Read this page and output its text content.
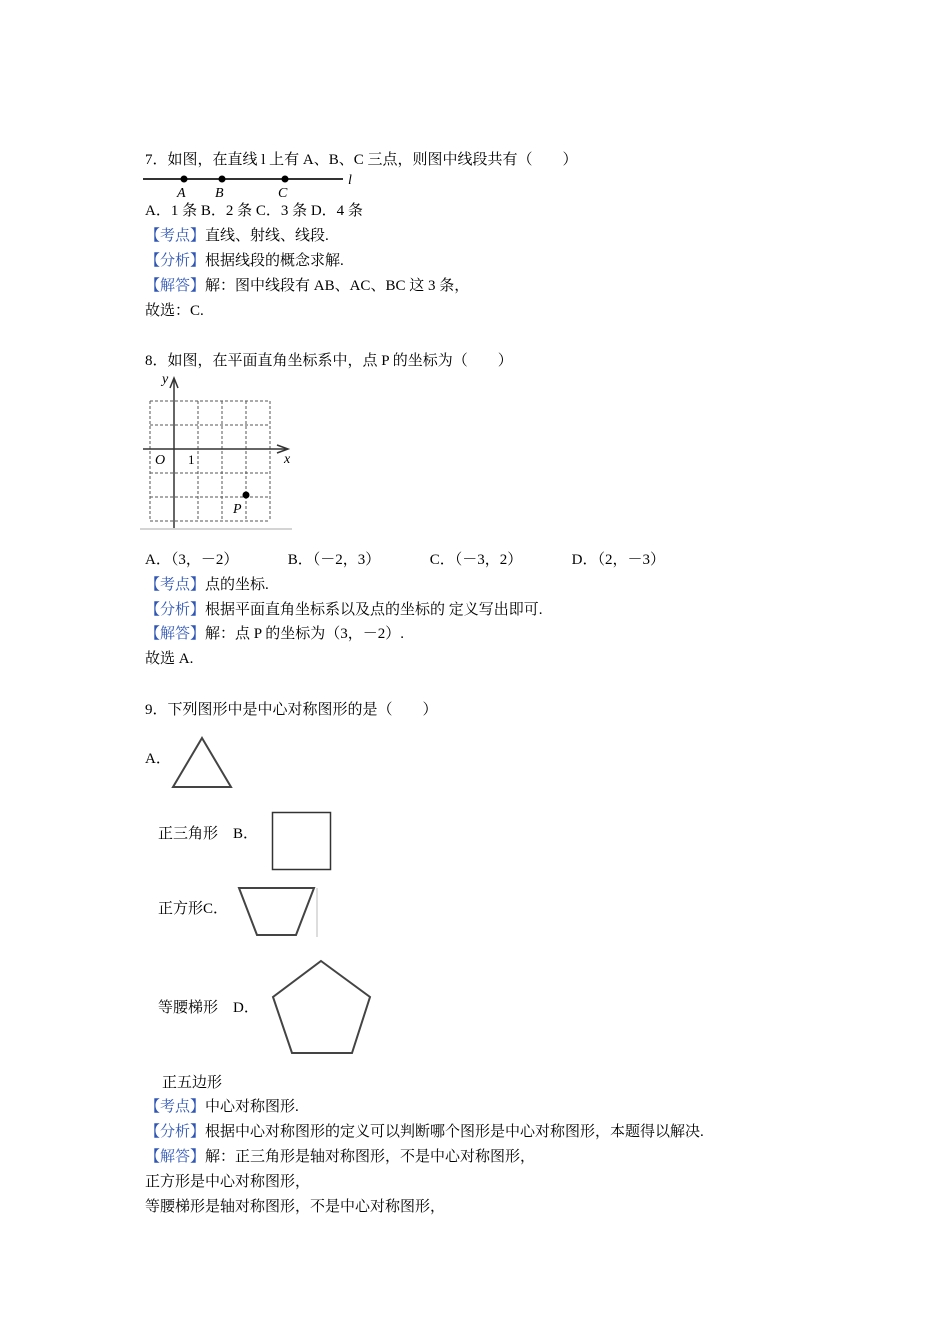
7．如图，在直线 l 上有 A、B、C 三点，则图中线段共有（　　）
A B	C
l
A．1 条 B．2 条 C．3 条 D．4 条
【考点】直线、射线、线段.
【分析】根据线段的概念求解.
【解答】解：图中线段有 AB、AC、BC 这 3 条，
故选：C.
8．如图，在平面直角坐标系中，点 P 的坐标为（　　）
y
x
O 1
P
A．（3，－2）	B．（－2，3）	C．（－3，2）	D．（2，－3）
【考点】点的坐标.
【分析】根据平面直角坐标系以及点的坐标的 定义写出即可.
【解答】解：点 P 的坐标为（3，－2）.
故选 A.
9．下列图形中是中心对称图形的是（　　）
A．
正三角形　 B．
正方形C．
等腰梯形　 D．
正五边形
【考点】中心对称图形.
【分析】根据中心对称图形的定义可以判断哪个图形是中心对称图形，本题得以解决.
【解答】解：正三角形是轴对称图形，不是中心对称图形，
正方形是中心对称图形，
等腰梯形是轴对称图形，不是中心对称图形，
